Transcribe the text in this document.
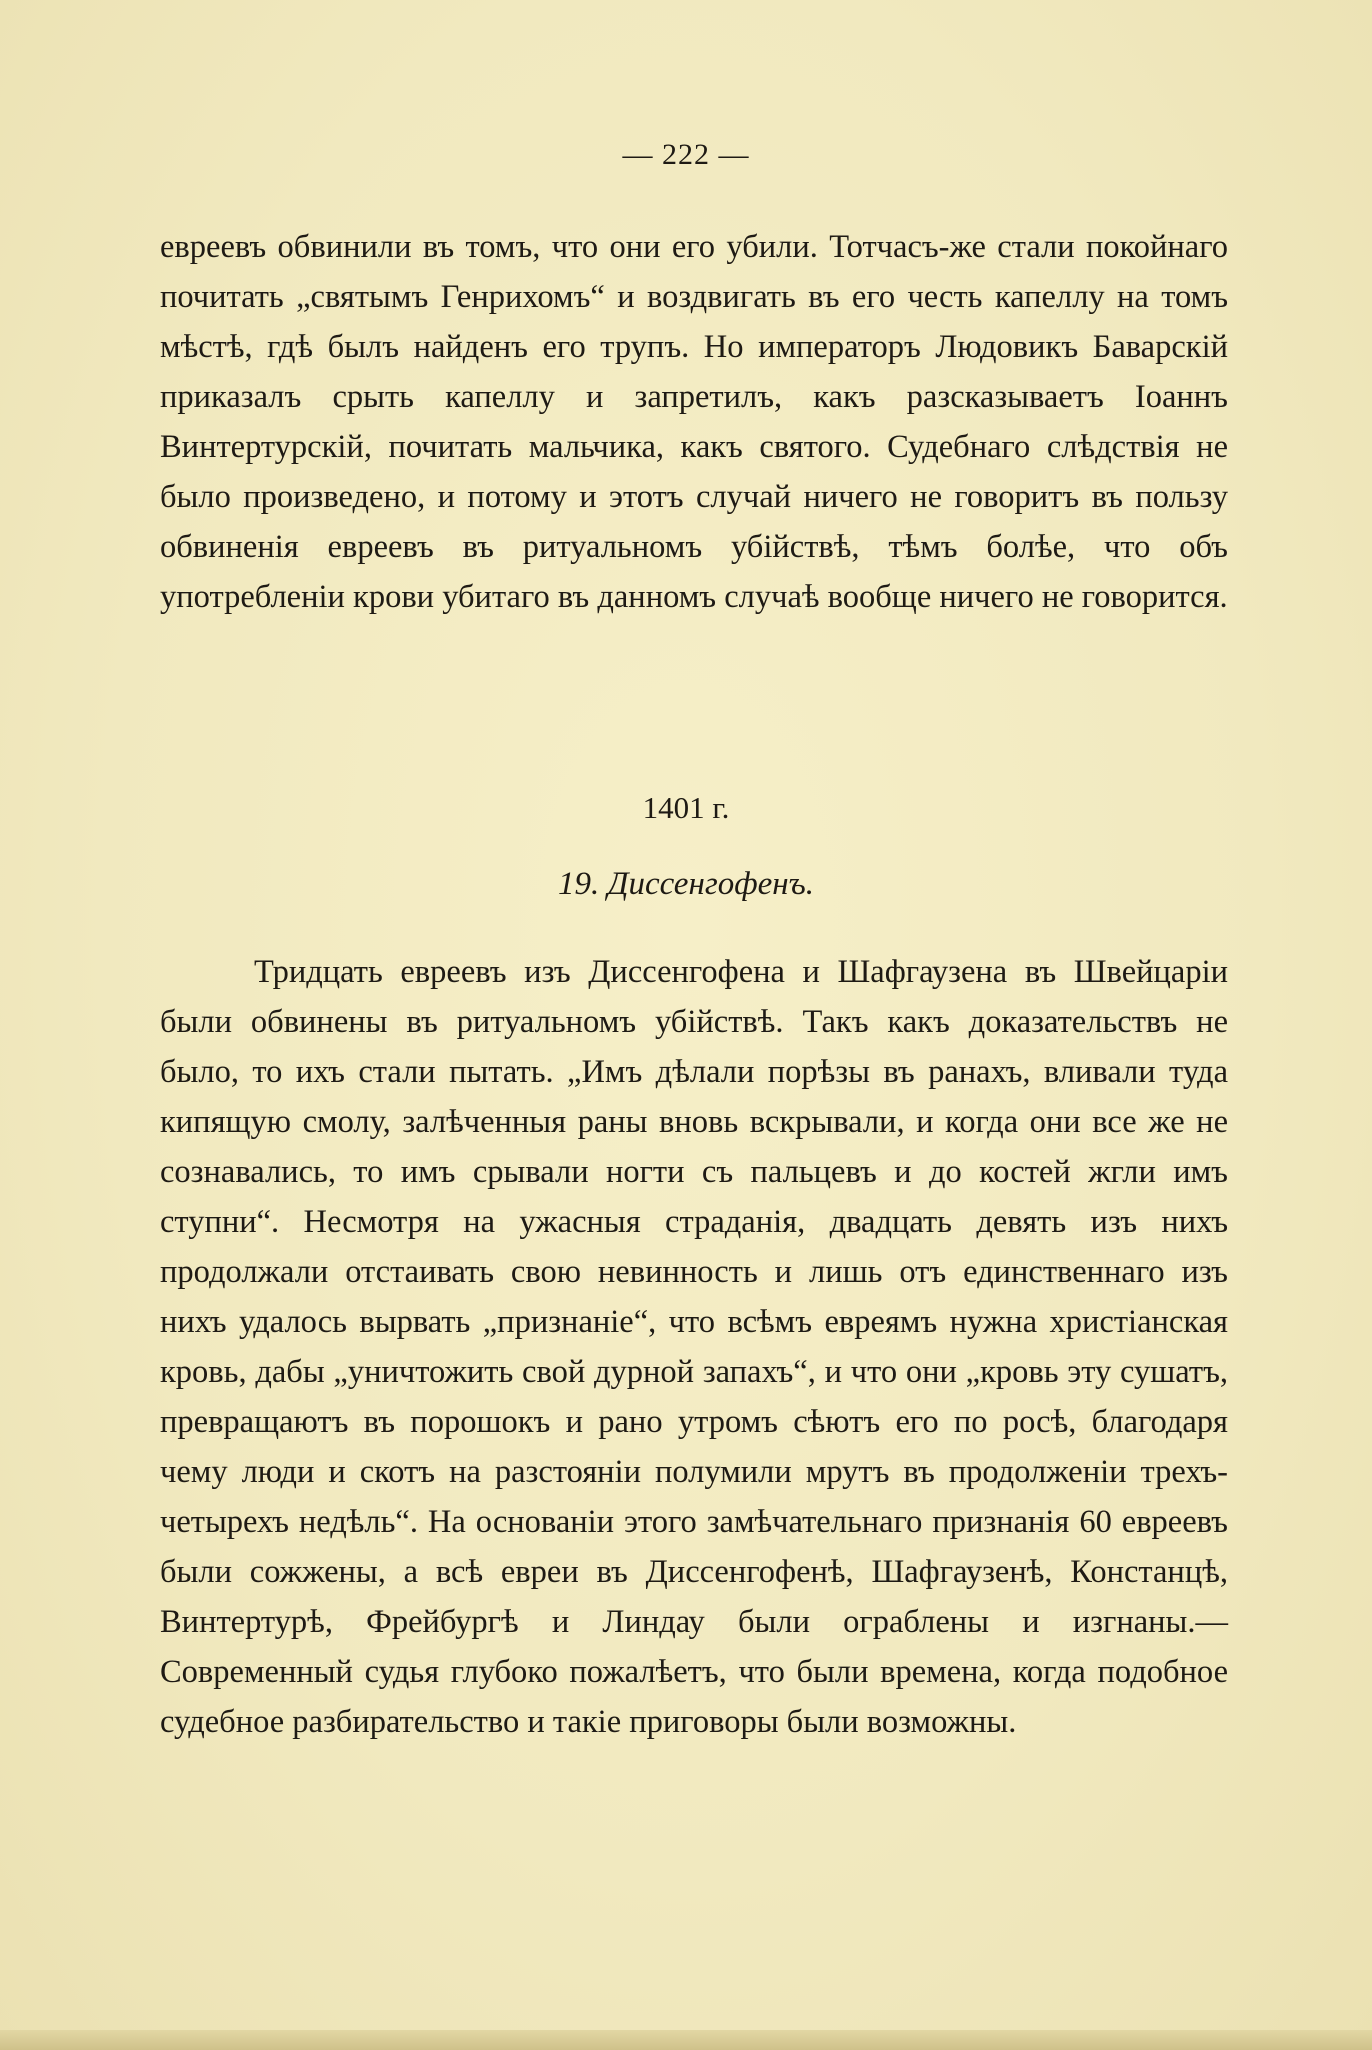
— 222 —

евреевъ обвинили въ томъ, что они его убили. Тотчасъ-же стали покойнаго почитать „святымъ Генрихомъ“ и воздвигать въ его честь капеллу на томъ мѣстѣ, гдѣ былъ найденъ его трупъ. Но императоръ Людовикъ Баварскій приказалъ срыть капеллу и запретилъ, какъ разсказываетъ Іоаннъ Винтертурскій, почитать мальчика, какъ святого. Судебнаго слѣдствія не было произведено, и потому и этотъ случай ничего не говоритъ въ пользу обвиненія евреевъ въ ритуальномъ убійствѣ, тѣмъ болѣе, что объ употребленіи крови убитаго въ данномъ случаѣ вообще ничего не говорится.

1401 г.
19. Диссенгофенъ.

Тридцать евреевъ изъ Диссенгофена и Шафгаузена въ Швейцаріи были обвинены въ ритуальномъ убійствѣ. Такъ какъ доказательствъ не было, то ихъ стали пытать. „Имъ дѣлали порѣзы въ ранахъ, вливали туда кипящую смолу, залѣченныя раны вновь вскрывали, и когда они все же не сознавались, то имъ срывали ногти съ пальцевъ и до костей жгли имъ ступни“. Несмотря на ужасныя страданія, двадцать девять изъ нихъ продолжали отстаивать свою невинность и лишь отъ единственнаго изъ нихъ удалось вырвать „признаніе“, что всѣмъ евреямъ нужна христіанская кровь, дабы „уничтожить свой дурной запахъ“, и что они „кровь эту сушатъ, превращаютъ въ порошокъ и рано утромъ сѣютъ его по росѣ, благодаря чему люди и скотъ на разстояніи полумили мрутъ въ продолженіи трехъ-четырехъ недѣль“. На основаніи этого замѣчательнаго признанія 60 евреевъ были сожжены, а всѣ евреи въ Диссенгофенѣ, Шафгаузенѣ, Констанцѣ, Винтертурѣ, Фрейбургѣ и Линдау были ограблены и изгнаны.—Современный судья глубоко пожалѣетъ, что были времена, когда подобное судебное разбирательство и такіе приговоры были возможны.
